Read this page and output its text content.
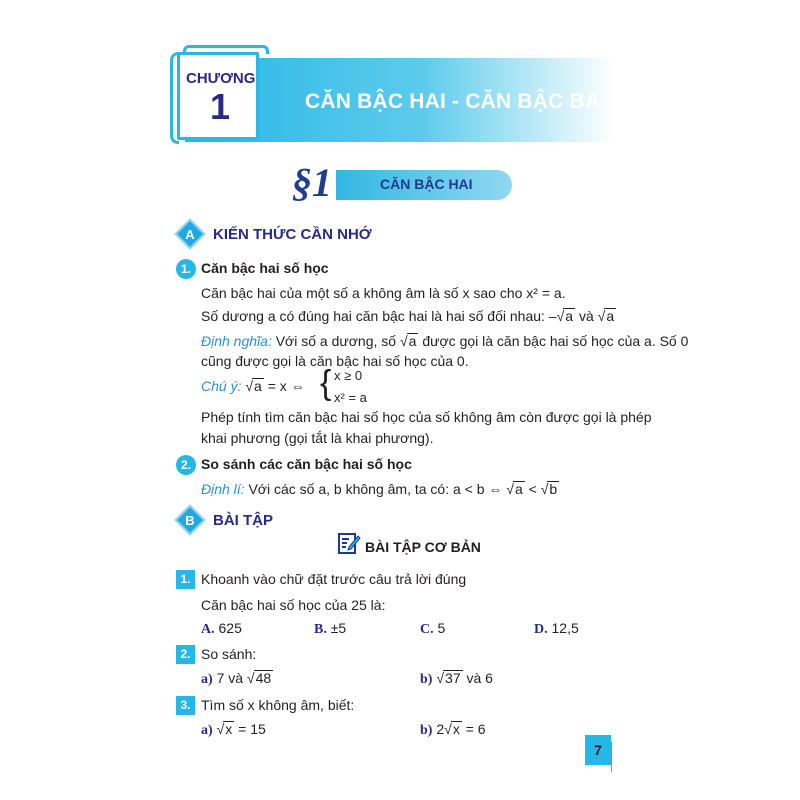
CĂN BẬC HAI - CĂN BẬC BA
CHƯƠNG
1
§1	CĂN BẬC HAI
A	KIẾN THỨC CẦN NHỚ
1. Căn bậc hai số học
Căn bậc hai của một số a không âm là số x sao cho x² = a.
Số dương a có đúng hai căn bậc hai là hai số đối nhau: –√a và √a
Định nghĩa: Với số a dương, số √a được gọi là căn bậc hai số học của a. Số 0
cũng được gọi là căn bậc hai số học của 0.
Chú ý: √a = x ⇔ { x ≥ 0
x² = a
Phép tính tìm căn bậc hai số học của số không âm còn được gọi là phép
khai phương (gọi tắt là khai phương).
2. So sánh các căn bậc hai số học
Định lí: Với các số a, b không âm, ta có: a < b ⇔ √a < √b
B	BÀI TẬP
BÀI TẬP CƠ BẢN
1. Khoanh vào chữ đặt trước câu trả lời đúng
Căn bậc hai số học của 25 là:
A. 625	B. ±5	C. 5	D. 12,5
2. So sánh:
a) 7 và √48	b) √37 và 6
3. Tìm số x không âm, biết:
a) √x = 15	b) 2√x = 6
7
